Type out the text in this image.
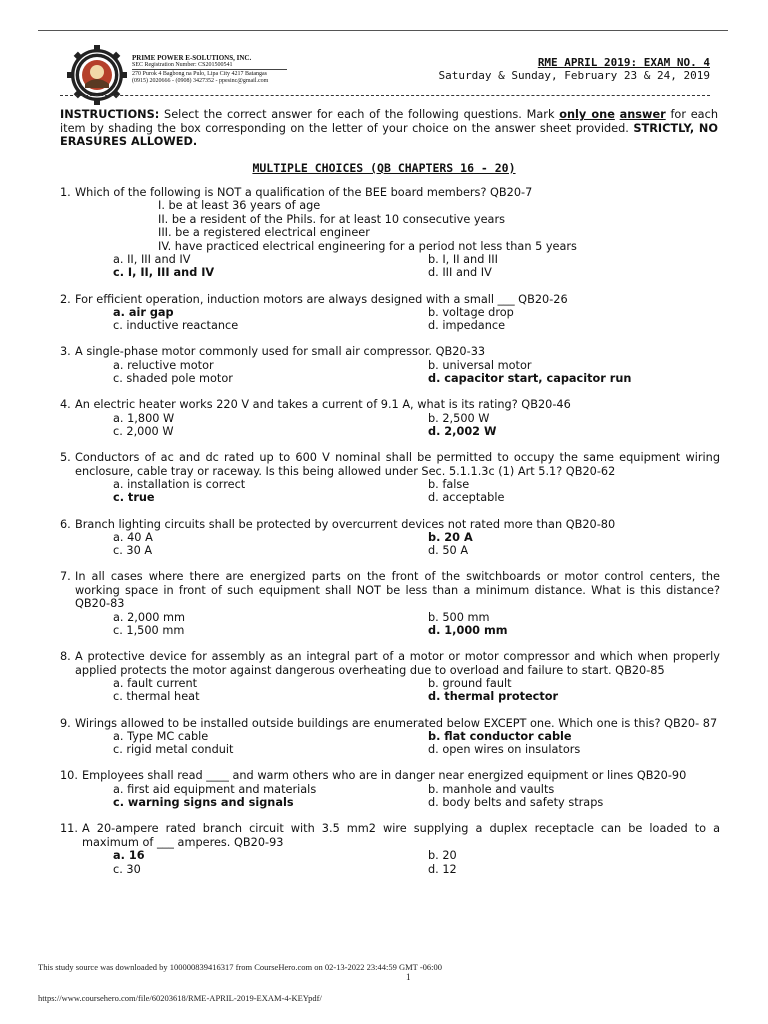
PRIME POWER E-SOLUTIONS, INC.
SEC Registration Number: CS201500541
270 Purok 4 Bagbong na Pulo, Lipa City 4217 Batangas
(0915) 2020666 - (0908) 3427352 - ppesinc@gmail.com
RME APRIL 2019: EXAM NO. 4
Saturday & Sunday, February 23 & 24, 2019
INSTRUCTIONS: Select the correct answer for each of the following questions. Mark only one answer for each item by shading the box corresponding on the letter of your choice on the answer sheet provided. STRICTLY, NO ERASURES ALLOWED.
MULTIPLE CHOICES (QB CHAPTERS 16 - 20)
1. Which of the following is NOT a qualification of the BEE board members? QB20-7
I. be at least 36 years of age
II. be a resident of the Phils. for at least 10 consecutive years
III. be a registered electrical engineer
IV. have practiced electrical engineering for a period not less than 5 years
a. II, III and IV	b. I, II and III
c. I, II, III and IV	d. III and IV
2. For efficient operation, induction motors are always designed with a small ___ QB20-26
a. air gap	b. voltage drop
c. inductive reactance	d. impedance
3. A single-phase motor commonly used for small air compressor. QB20-33
a. reluctive motor	b. universal motor
c. shaded pole motor	d. capacitor start, capacitor run
4. An electric heater works 220 V and takes a current of 9.1 A, what is its rating? QB20-46
a. 1,800 W	b. 2,500 W
c. 2,000 W	d. 2,002 W
5. Conductors of ac and dc rated up to 600 V nominal shall be permitted to occupy the same equipment wiring enclosure, cable tray or raceway. Is this being allowed under Sec. 5.1.1.3c (1) Art 5.1? QB20-62
a. installation is correct	b. false
c. true	d. acceptable
6. Branch lighting circuits shall be protected by overcurrent devices not rated more than QB20-80
a. 40 A	b. 20 A
c. 30 A	d. 50 A
7. In all cases where there are energized parts on the front of the switchboards or motor control centers, the working space in front of such equipment shall NOT be less than a minimum distance. What is this distance? QB20-83
a. 2,000 mm	b. 500 mm
c. 1,500 mm	d. 1,000 mm
8. A protective device for assembly as an integral part of a motor or motor compressor and which when properly applied protects the motor against dangerous overheating due to overload and failure to start. QB20-85
a. fault current	b. ground fault
c. thermal heat	d. thermal protector
9. Wirings allowed to be installed outside buildings are enumerated below EXCEPT one. Which one is this? QB20- 87
a. Type MC cable	b. flat conductor cable
c. rigid metal conduit	d. open wires on insulators
10. Employees shall read ____ and warm others who are in danger near energized equipment or lines QB20-90
a. first aid equipment and materials	b. manhole and vaults
c. warning signs and signals	d. body belts and safety straps
11. A 20-ampere rated branch circuit with 3.5 mm2 wire supplying a duplex receptacle can be loaded to a maximum of ___ amperes. QB20-93
a. 16	b. 20
c. 30	d. 12
This study source was downloaded by 100000839416317 from CourseHero.com on 02-13-2022 23:44:59 GMT -06:00
1
https://www.coursehero.com/file/60203618/RME-APRIL-2019-EXAM-4-KEYpdf/
